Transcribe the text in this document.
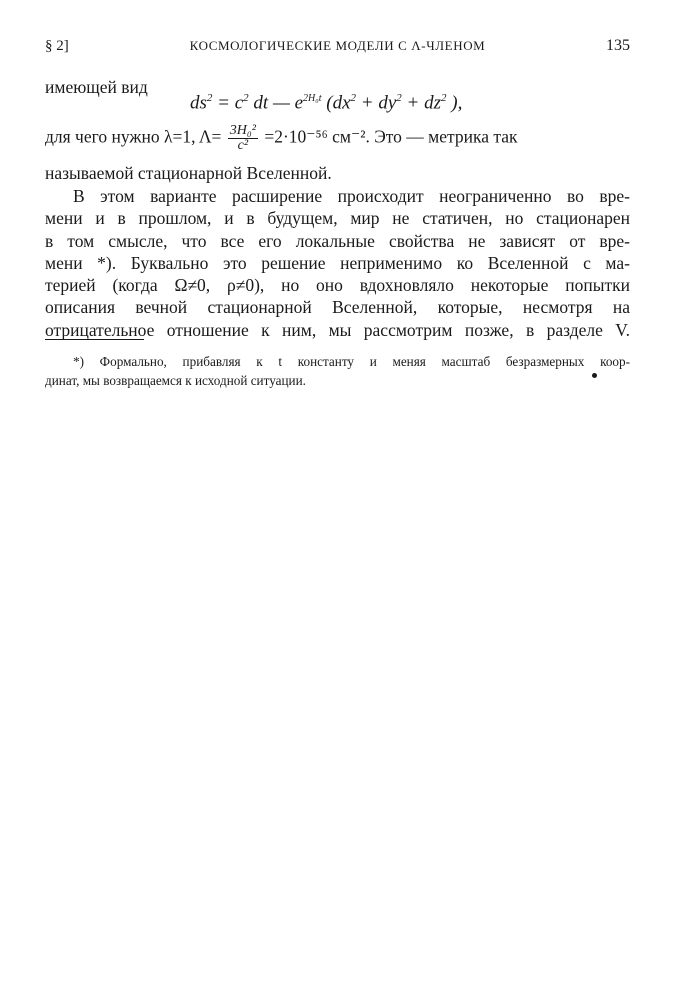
§ 2]	КОСМОЛОГИЧЕСКИЕ МОДЕЛИ С Λ-ЧЛЕНОМ	135
имеющей вид
$ds^2 = c^2$ dt — $e^{2H_0t}$ ($dx^2 + dy^2 + dz^2$ ),
для чего нужно λ=1, $\Lambda= \frac{\text{3H₀²}}{\text{c²}} =2\cdot 10^{-56}$ см⁻². Это — метрика так
называемой стационарной Вселенной.
В этом варианте расширение происходит неограниченно во вре-
мени и в прошлом, и в будущем, мир не статичен, но стационарен
в том смысле, что все его локальные свойства не зависят от вре-
мени *). Буквально это решение неприменимо ко Вселенной с ма-
терией (когда Ω≠0, ρ≠0), но оно вдохновляло некоторые попытки
описания вечной стационарной Вселенной, которые, несмотря на
отрицательное отношение к ним, мы рассмотрим позже, в разделе V.
*) Формально, прибавляя к t константу и меняя масштаб безразмерных коор-
динат, мы возвращаемся к исходной ситуации.
